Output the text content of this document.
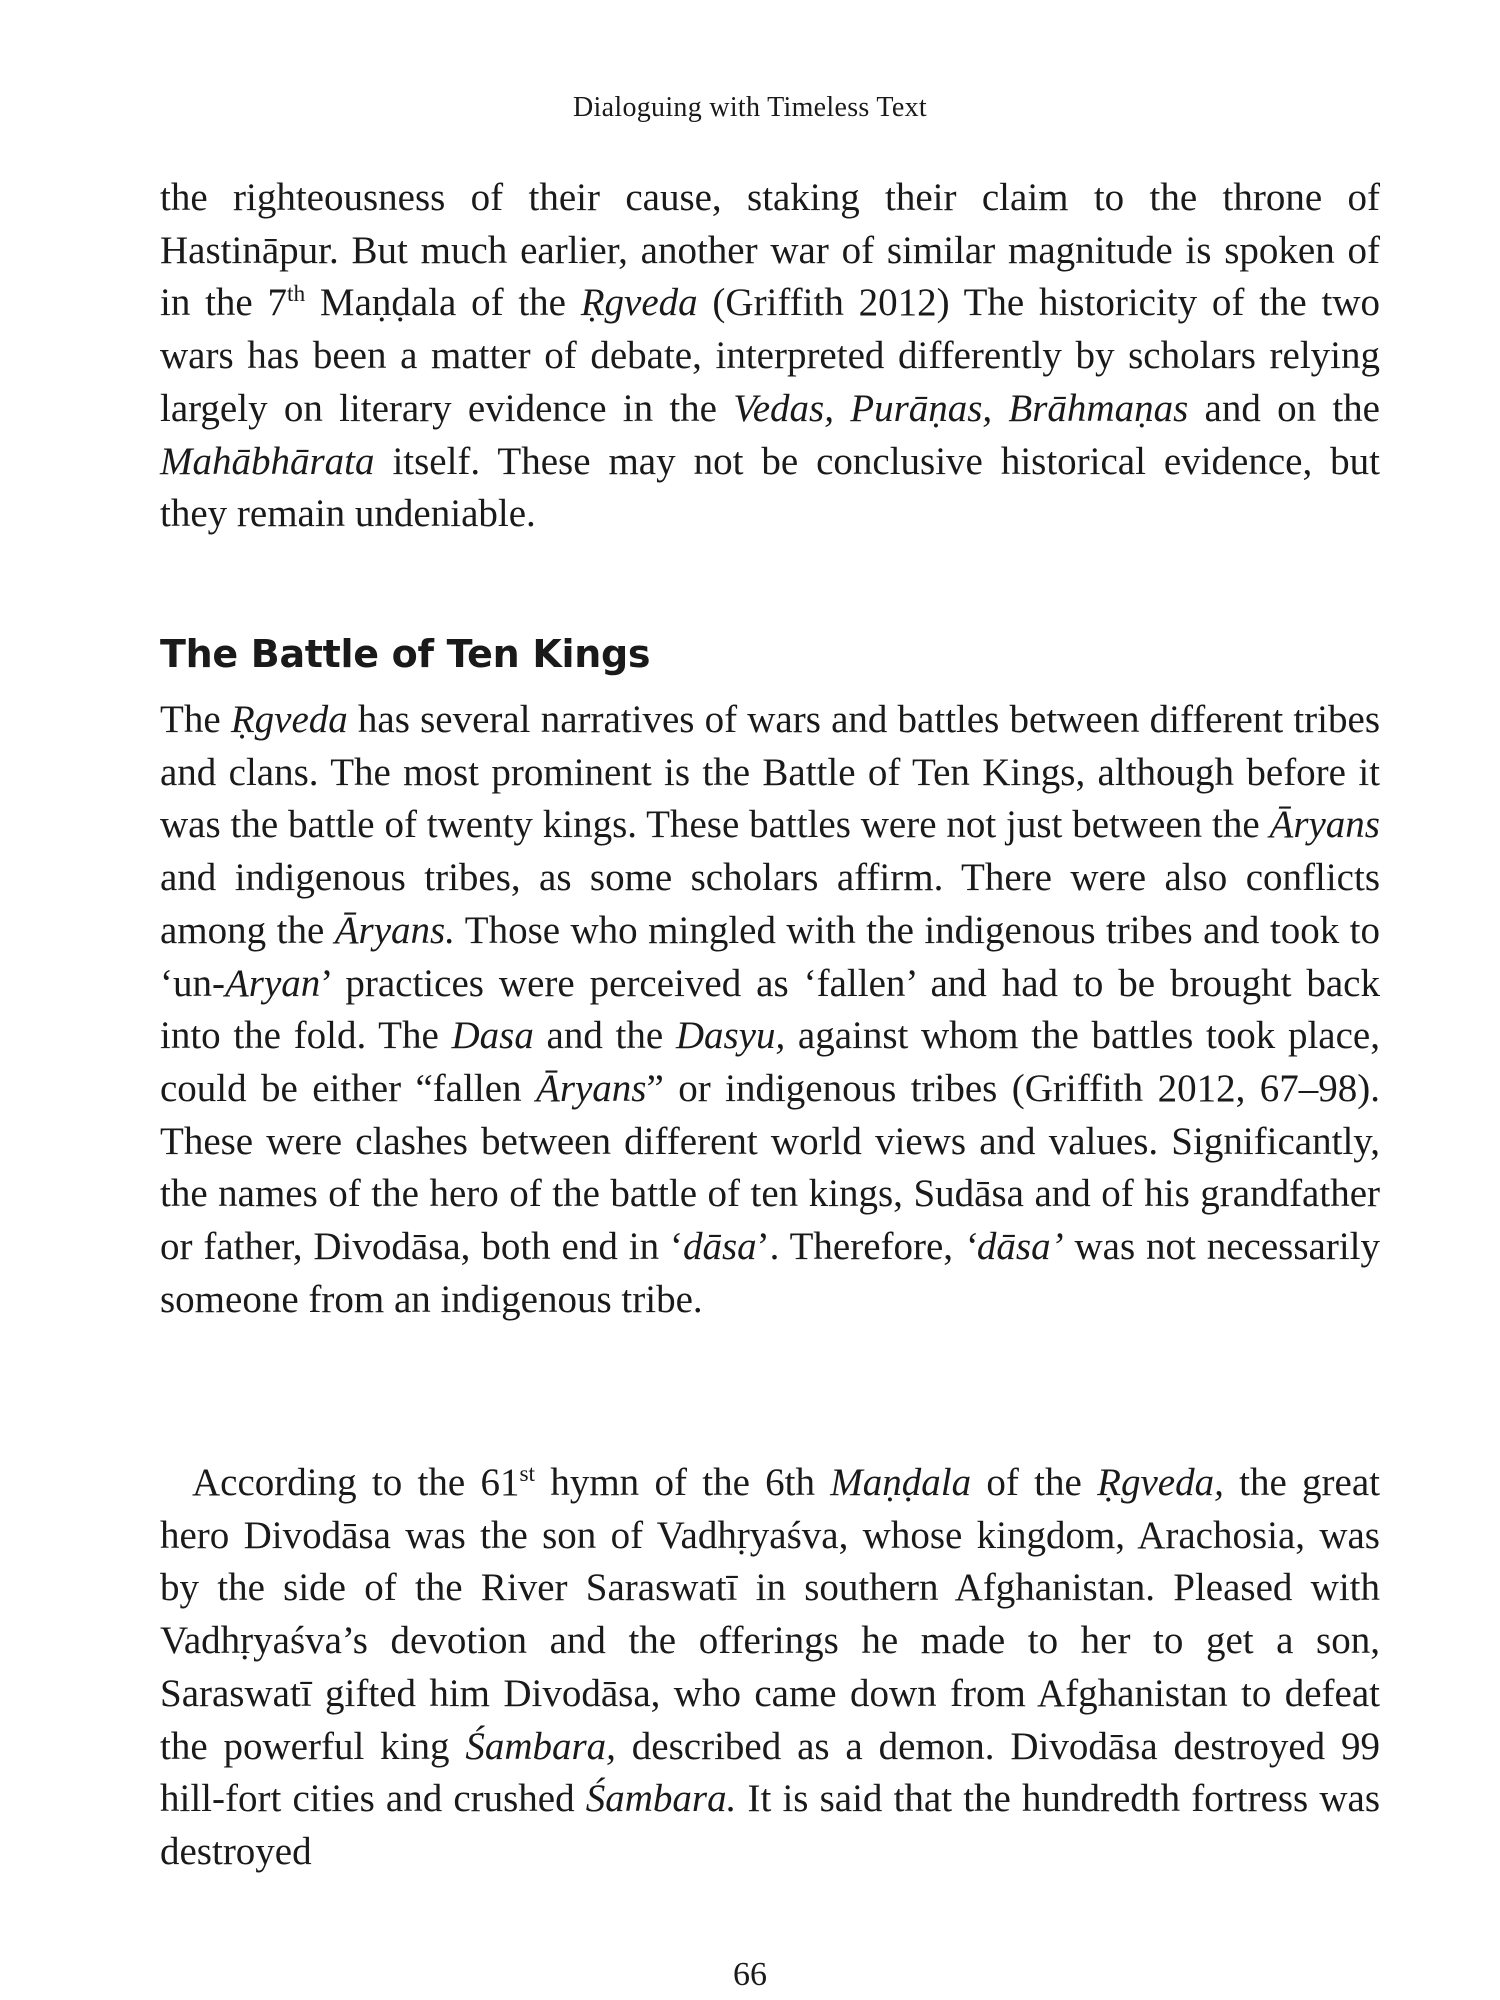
Dialoguing with Timeless Text

the righteousness of their cause, staking their claim to the throne of Hastināpur. But much earlier, another war of similar magnitude is spoken of in the 7th Maṇḍala of the Ṛgveda (Griffith 2012) The historicity of the two wars has been a matter of debate, interpreted differently by scholars relying largely on literary evidence in the Vedas, Purāṇas, Brāhmaṇas and on the Mahābhārata itself. These may not be conclusive historical evidence, but they remain undeniable.

The Battle of Ten Kings

The Ṛgveda has several narratives of wars and battles between different tribes and clans. The most prominent is the Battle of Ten Kings, although before it was the battle of twenty kings. These battles were not just between the Āryans and indigenous tribes, as some scholars affirm. There were also conflicts among the Āryans. Those who mingled with the indigenous tribes and took to ‘un-Aryan’ practices were perceived as ‘fallen’ and had to be brought back into the fold. The Dasa and the Dasyu, against whom the battles took place, could be either “fallen Āryans” or indigenous tribes (Griffith 2012, 67–98). These were clashes between different world views and values. Significantly, the names of the hero of the battle of ten kings, Sudāsa and of his grandfather or father, Divodāsa, both end in ‘dāsa’. Therefore, ‘dāsa’ was not necessarily someone from an indigenous tribe.

According to the 61st hymn of the 6th Maṇḍala of the Ṛgveda, the great hero Divodāsa was the son of Vadhṛyaśva, whose kingdom, Arachosia, was by the side of the River Saraswatī in southern Afghanistan. Pleased with Vadhṛyaśva’s devotion and the offerings he made to her to get a son, Saraswatī gifted him Divodāsa, who came down from Afghanistan to defeat the powerful king Śambara, described as a demon. Divodāsa destroyed 99 hill-fort cities and crushed Śambara. It is said that the hundredth fortress was destroyed

66
